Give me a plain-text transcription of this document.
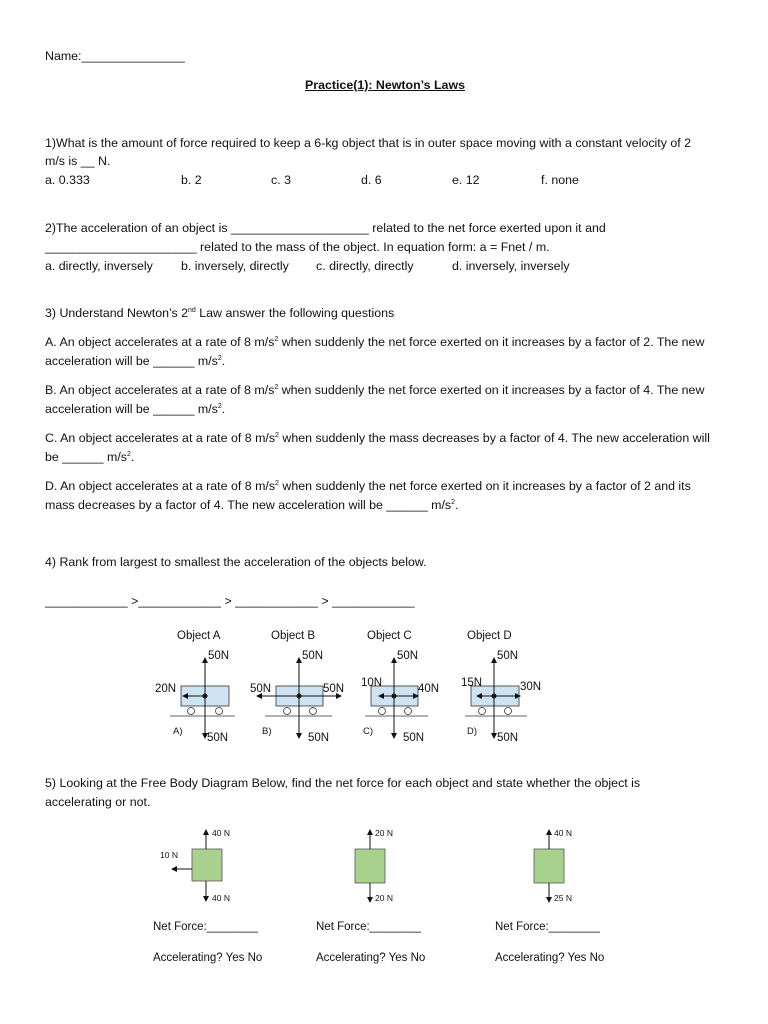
Name:_______________
Practice(1): Newton’s Laws
1)What is the amount of force required to keep a 6-kg object that is in outer space moving with a constant velocity of 2
m/s is __ N.
a. 0.333	b. 2	c. 3	d. 6	e. 12	f. none
2)The acceleration of an object is ____________________ related to the net force exerted upon it and
______________________ related to the mass of the object. In equation form: a = Fnet / m.
a. directly, inversely b. inversely, directly c. directly, directly	d. inversely, inversely
3) Understand Newton’s 2nd Law answer the following questions
A. An object accelerates at a rate of 8 $m/s^2$ when suddenly the net force exerted on it increases by a factor of 2. The new
acceleration will be ______ $m/s^2$.
B. An object accelerates at a rate of 8 $m/s^2$ when suddenly the net force exerted on it increases by a factor of 4. The new
acceleration will be ______ $m/s^2$.
C. An object accelerates at a rate of 8 $m/s^2$ when suddenly the mass decreases by a factor of 4. The new acceleration will
be ______ $m/s^2$.
D. An object accelerates at a rate of 8 $m/s^2$ when suddenly the net force exerted on it increases by a factor of 2 and its
mass decreases by a factor of 4. The new acceleration will be ______ $m/s^2$.
4) Rank from largest to smallest the acceleration of the objects below.
____________ >____________ > ____________ > ____________
Object A	Object B	Object C	Object D
50N	50N	50N	50N
20N	50N	50N 10N	40N 15N	30N
A)	B)	C)	D)
50N	50N	50N	50N
5) Looking at the Free Body Diagram Below, find the net force for each object and state whether the object is
accelerating or not.
40 N	20 N	40 N
10 N
40 N	20 N	25 N
Net Force:________	Net Force:________	Net Force:________
Accelerating? Yes No	Accelerating? Yes No	Accelerating? Yes No
